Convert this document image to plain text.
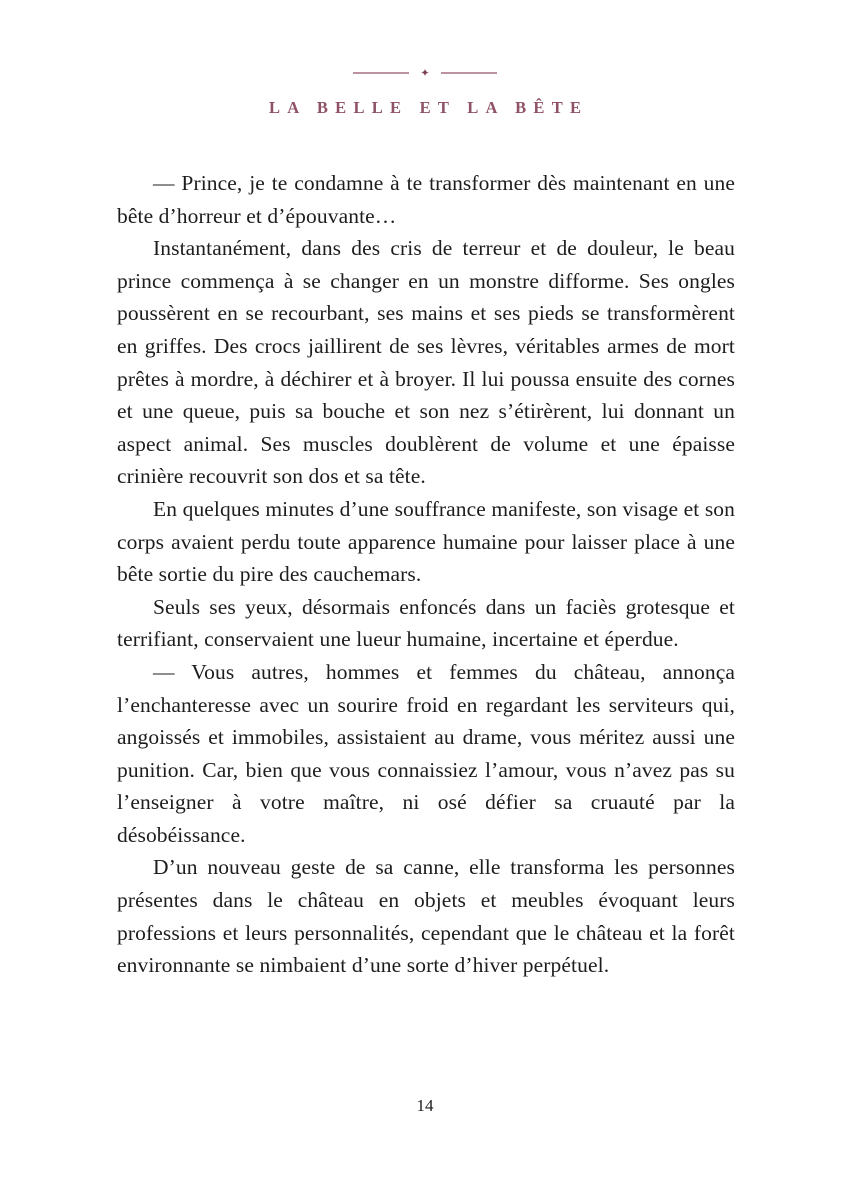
✦
LA BELLE ET LA BÊTE

— Prince, je te condamne à te transformer dès maintenant en une bête d’horreur et d’épouvante…

Instantanément, dans des cris de terreur et de douleur, le beau prince commença à se changer en un monstre difforme. Ses ongles poussèrent en se recourbant, ses mains et ses pieds se transformèrent en griffes. Des crocs jaillirent de ses lèvres, véritables armes de mort prêtes à mordre, à déchirer et à broyer. Il lui poussa ensuite des cornes et une queue, puis sa bouche et son nez s’étirèrent, lui donnant un aspect animal. Ses muscles doublèrent de volume et une épaisse crinière recouvrit son dos et sa tête.

En quelques minutes d’une souffrance manifeste, son visage et son corps avaient perdu toute apparence humaine pour laisser place à une bête sortie du pire des cauchemars.

Seuls ses yeux, désormais enfoncés dans un faciès grotesque et terrifiant, conservaient une lueur humaine, incertaine et éperdue.

— Vous autres, hommes et femmes du château, annonça l’enchanteresse avec un sourire froid en regardant les serviteurs qui, angoissés et immobiles, assistaient au drame, vous méritez aussi une punition. Car, bien que vous connaissiez l’amour, vous n’avez pas su l’enseigner à votre maître, ni osé défier sa cruauté par la désobéissance.

D’un nouveau geste de sa canne, elle transforma les personnes présentes dans le château en objets et meubles évoquant leurs professions et leurs personnalités, cependant que le château et la forêt environnante se nimbaient d’une sorte d’hiver perpétuel.

14
